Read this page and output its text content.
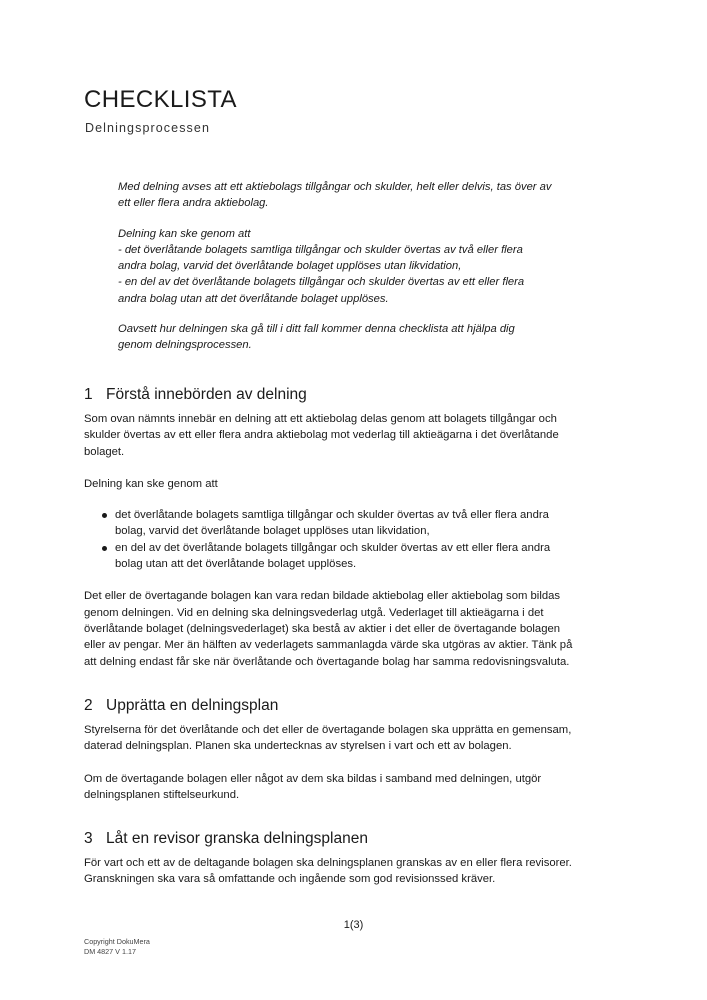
CHECKLISTA
Delningsprocessen

Med delning avses att ett aktiebolags tillgångar och skulder, helt eller delvis, tas över av
ett eller flera andra aktiebolag.

Delning kan ske genom att
- det överlåtande bolagets samtliga tillgångar och skulder övertas av två eller flera
andra bolag, varvid det överlåtande bolaget upplöses utan likvidation,
- en del av det överlåtande bolagets tillgångar och skulder övertas av ett eller flera
andra bolag utan att det överlåtande bolaget upplöses.

Oavsett hur delningen ska gå till i ditt fall kommer denna checklista att hjälpa dig
genom delningsprocessen.

1 Förstå innebörden av delning

Som ovan nämnts innebär en delning att ett aktiebolag delas genom att bolagets tillgångar och
skulder övertas av ett eller flera andra aktiebolag mot vederlag till aktieägarna i det överlåtande
bolaget.

Delning kan ske genom att

det överlåtande bolagets samtliga tillgångar och skulder övertas av två eller flera andra
bolag, varvid det överlåtande bolaget upplöses utan likvidation,
en del av det överlåtande bolagets tillgångar och skulder övertas av ett eller flera andra
bolag utan att det överlåtande bolaget upplöses.

Det eller de övertagande bolagen kan vara redan bildade aktiebolag eller aktiebolag som bildas
genom delningen. Vid en delning ska delningsvederlag utgå. Vederlaget till aktieägarna i det
överlåtande bolaget (delningsvederlaget) ska bestå av aktier i det eller de övertagande bolagen
eller av pengar. Mer än hälften av vederlagets sammanlagda värde ska utgöras av aktier. Tänk på
att delning endast får ske när överlåtande och övertagande bolag har samma redovisningsvaluta.

2 Upprätta en delningsplan

Styrelserna för det överlåtande och det eller de övertagande bolagen ska upprätta en gemensam,
daterad delningsplan. Planen ska undertecknas av styrelsen i vart och ett av bolagen.

Om de övertagande bolagen eller något av dem ska bildas i samband med delningen, utgör
delningsplanen stiftelseurkund.

3 Låt en revisor granska delningsplanen

För vart och ett av de deltagande bolagen ska delningsplanen granskas av en eller flera revisorer.
Granskningen ska vara så omfattande och ingående som god revisionssed kräver.

1(3)
Copyright DokuMera
DM 4827 V 1.17
